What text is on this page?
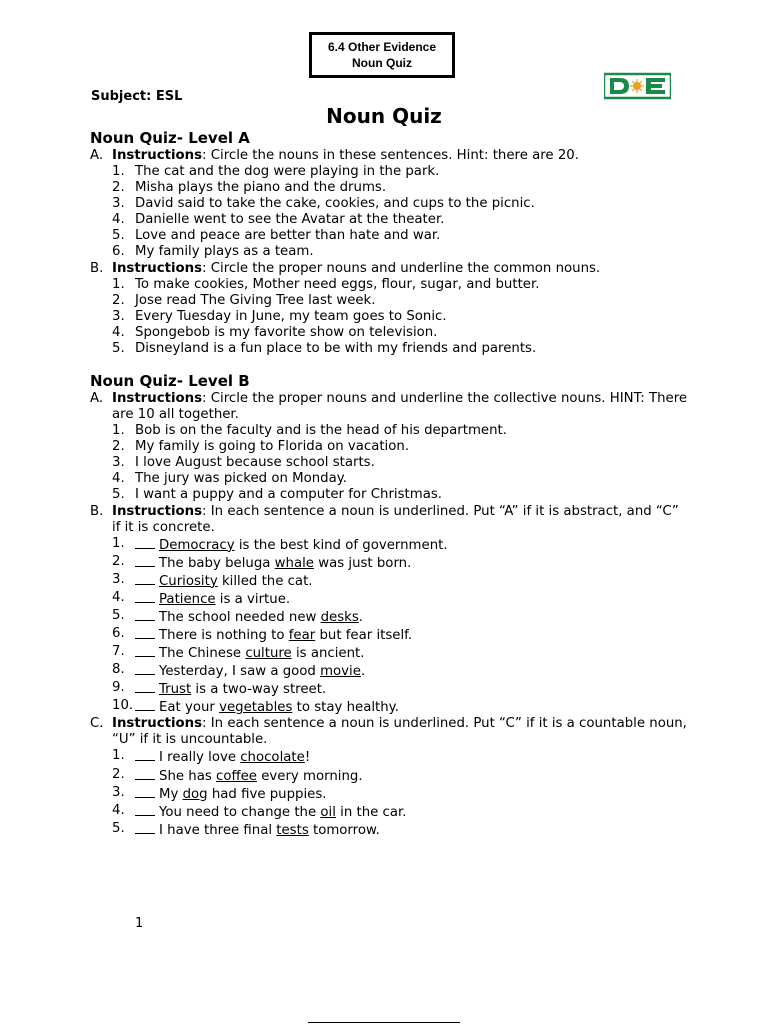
6.4 Other Evidence
Noun Quiz
Subject: ESL
Noun Quiz
Noun Quiz- Level A
A. Instructions: Circle the nouns in these sentences. Hint: there are 20.
1. The cat and the dog were playing in the park.
2. Misha plays the piano and the drums.
3. David said to take the cake, cookies, and cups to the picnic.
4. Danielle went to see the Avatar at the theater.
5. Love and peace are better than hate and war.
6. My family plays as a team.
B. Instructions: Circle the proper nouns and underline the common nouns.
1. To make cookies, Mother need eggs, flour, sugar, and butter.
2. Jose read The Giving Tree last week.
3. Every Tuesday in June, my team goes to Sonic.
4. Spongebob is my favorite show on television.
5. Disneyland is a fun place to be with my friends and parents.
Noun Quiz- Level B
A. Instructions: Circle the proper nouns and underline the collective nouns. HINT: There are 10 all together.
1. Bob is on the faculty and is the head of his department.
2. My family is going to Florida on vacation.
3. I love August because school starts.
4. The jury was picked on Monday.
5. I want a puppy and a computer for Christmas.
B. Instructions: In each sentence a noun is underlined. Put “A” if it is abstract, and “C” if it is concrete.
1.	Democracy is the best kind of government.
2.	The baby beluga whale was just born.
3.	Curiosity killed the cat.
4.	Patience is a virtue.
5.	The school needed new desks.
6.	There is nothing to fear but fear itself.
7.	The Chinese culture is ancient.
8.	Yesterday, I saw a good movie.
9.	Trust is a two-way street.
10. Eat your vegetables to stay healthy.
C. Instructions: In each sentence a noun is underlined. Put “C” if it is a countable noun, “U” if it is uncountable.
1.	I really love chocolate!
2.	She has coffee every morning.
3.	My dog had five puppies.
4.	You need to change the oil in the car.
5.	I have three final tests tomorrow.
1
